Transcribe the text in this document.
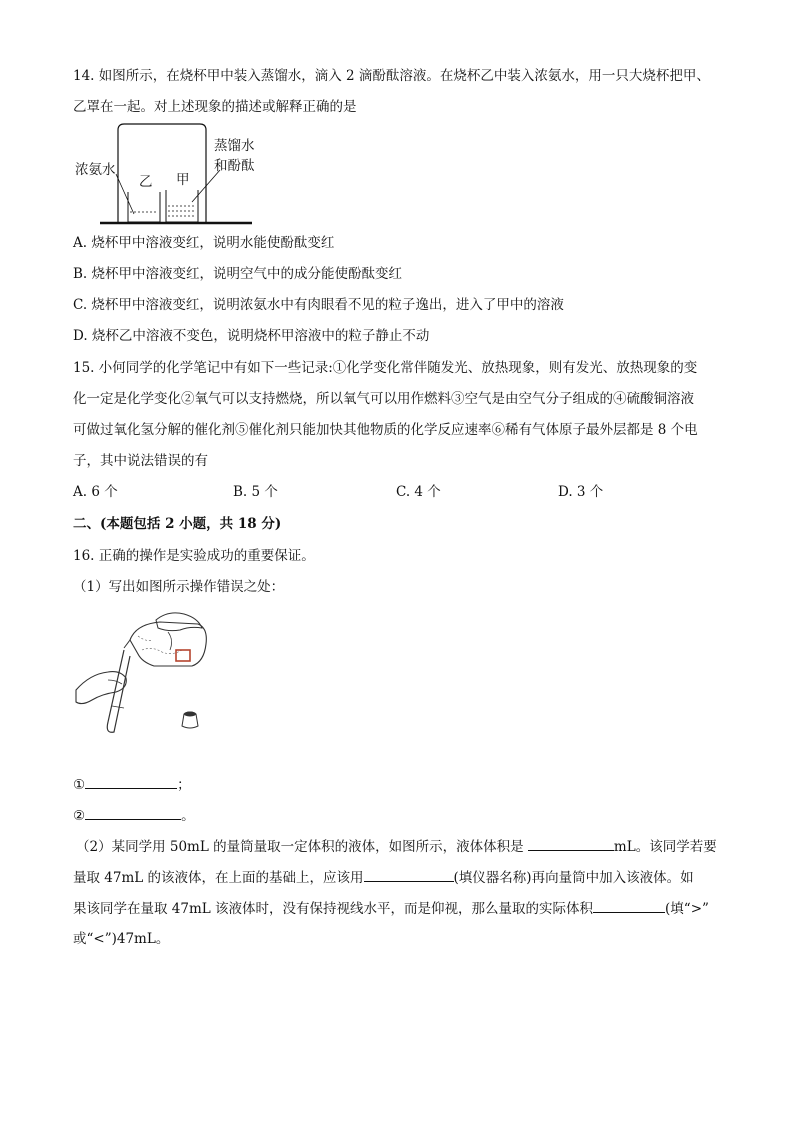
14. 如图所示，在烧杯甲中装入蒸馏水，滴入 2 滴酚酞溶液。在烧杯乙中装入浓氨水，用一只大烧杯把甲、
乙罩在一起。对上述现象的描述或解释正确的是
浓氨水
乙 甲
蒸馏水
和酚酞
A. 烧杯甲中溶液变红，说明水能使酚酞变红
B. 烧杯甲中溶液变红，说明空气中的成分能使酚酞变红
C. 烧杯甲中溶液变红，说明浓氨水中有肉眼看不见的粒子逸出，进入了甲中的溶液
D. 烧杯乙中溶液不变色，说明烧杯甲溶液中的粒子静止不动
15. 小何同学的化学笔记中有如下一些记录:①化学变化常伴随发光、放热现象，则有发光、放热现象的变
化一定是化学变化②氧气可以支持燃烧，所以氧气可以用作燃料③空气是由空气分子组成的④硫酸铜溶液
可做过氧化氢分解的催化剂⑤催化剂只能加快其他物质的化学反应速率⑥稀有气体原子最外层都是 8 个电
子，其中说法错误的有
A. 6 个	B. 5 个	C. 4 个	D. 3 个
二、(本题包括 2 小题，共 18 分)
16. 正确的操作是实验成功的重要保证。
（1）写出如图所示操作错误之处：
①	；
②	。
（2）某同学用 50mL 的量筒量取一定体积的液体，如图所示，液体体积是	mL。该同学若要
量取 47mL 的该液体，在上面的基础上，应该用	(填仪器名称)再向量筒中加入该液体。如
果该同学在量取 47mL 该液体时，没有保持视线水平，而是仰视，那么量取的实际体积	(填“>”
或“<”)47mL。
